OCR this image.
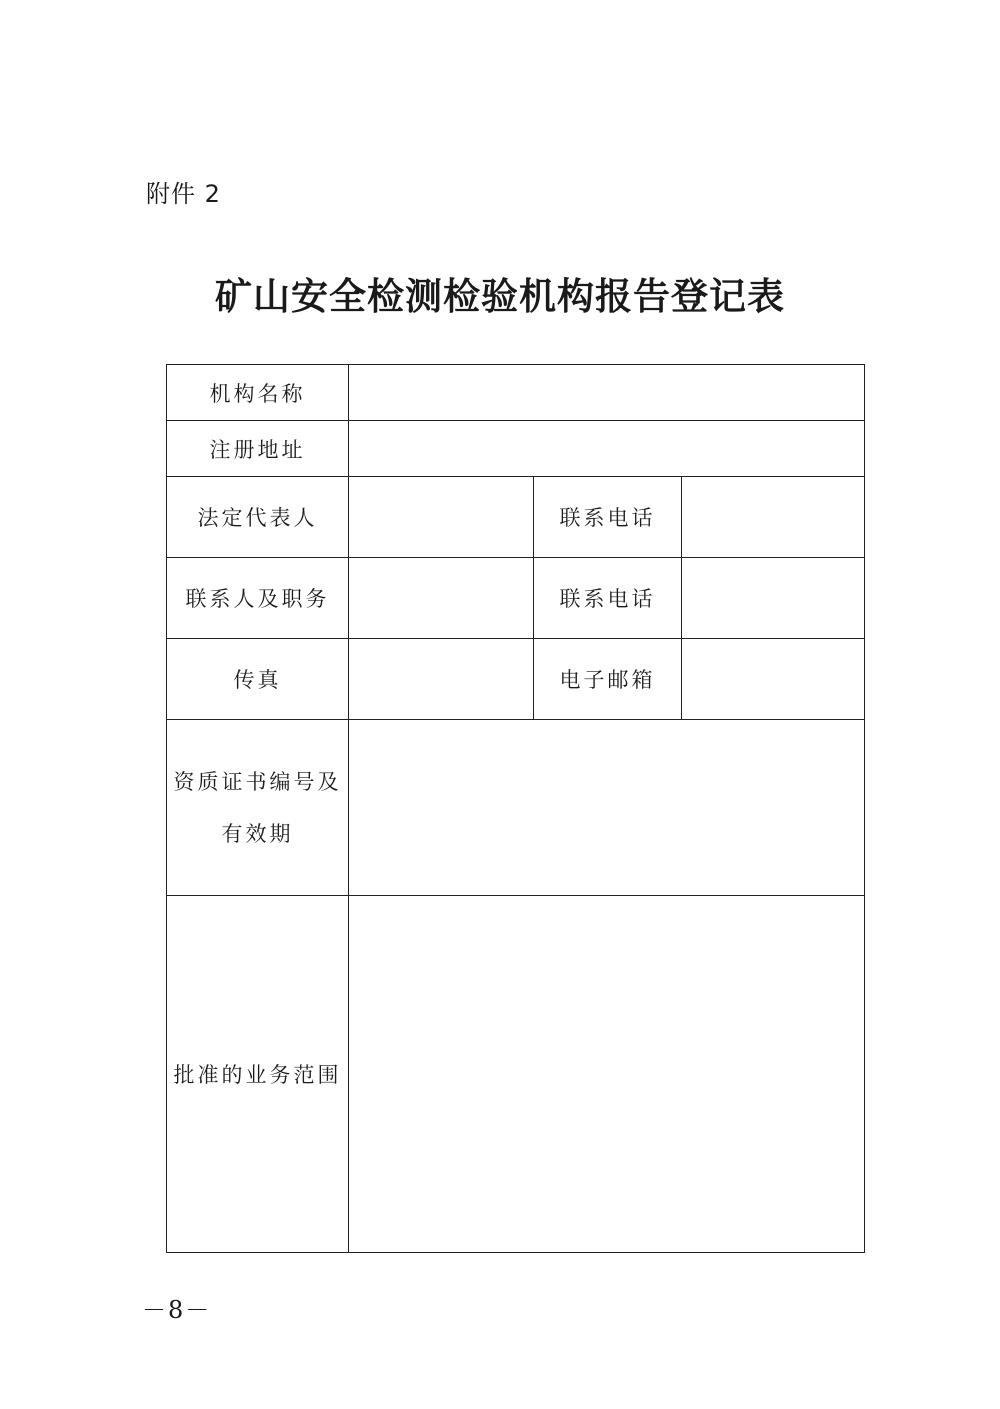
附件 2
矿山安全检测检验机构报告登记表
机构名称			
注册地址			
法定代表人		联系电话	
联系人及职务		联系电话	
传真		电子邮箱	

资质证书编号及
有效期			

批准的业务范围			
－8－
